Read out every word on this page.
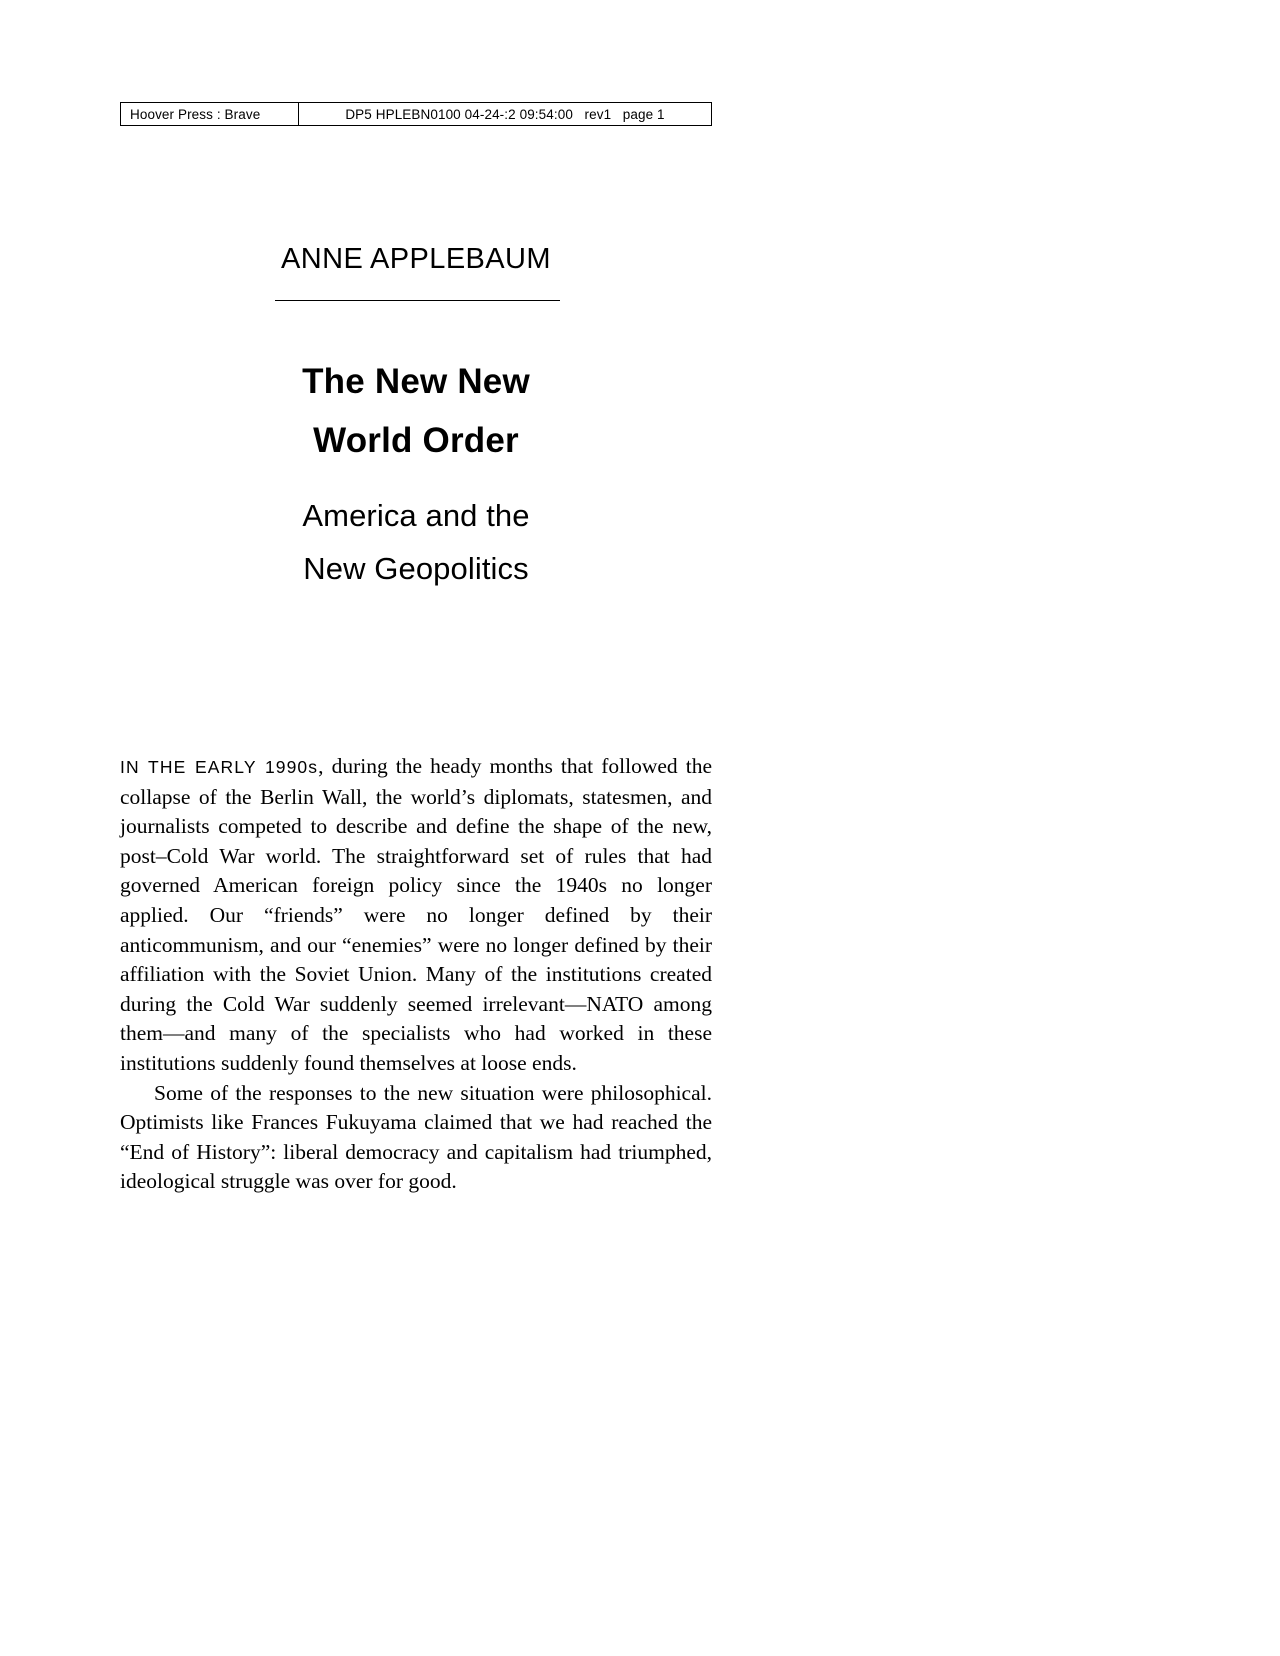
Hoover Press : Brave	DP5 HPLEBN0100
04-24-:2 09:54:00
rev1
page 1
ANNE APPLEBAUM
The New New
World Order
America and the
New Geopolitics

IN THE EARLY 1990s, during the heady months that followed the collapse of the Berlin Wall, the world’s diplomats, statesmen, and journalists competed to describe and define the shape of the new, post–Cold War world. The straightforward set of rules that had governed American foreign policy since the 1940s no longer applied. Our “friends” were no longer defined by their anticommunism, and our “enemies” were no longer defined by their affiliation with the Soviet Union. Many of the institutions created during the Cold War suddenly seemed irrelevant—NATO among them—and many of the specialists who had worked in these institutions suddenly found themselves at loose ends.

Some of the responses to the new situation were philosophical. Optimists like Frances Fukuyama claimed that we had reached the “End of History”: liberal democracy and capitalism had triumphed, ideological struggle was over for good.
